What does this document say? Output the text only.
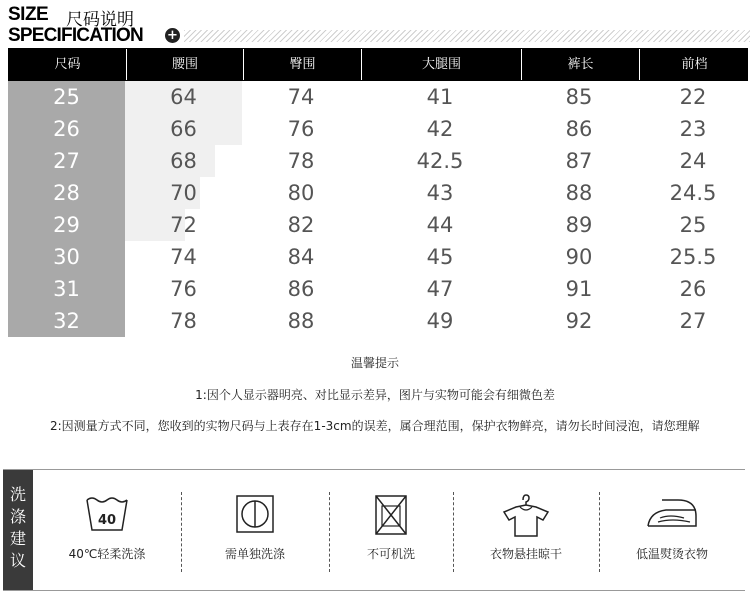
SIZE 尺码说明
SPECIFICATION +
尺码	腰围	臀围	大腿围	裤长	前档
25	64	74	41	85	22
26	66	76	42	86	23
27	68	78	42.5	87	24
28	70	80	43	88	24.5
29	72	82	44	89	25
30	74	84	45	90	25.5
31	76	86	47	91	26
32	78	88	49	92	27
温馨提示
1:因个人显示器明亮、对比显示差异，图片与实物可能会有细微色差
2:因测量方式不同，您收到的实物尺码与上表存在1-3cm的误差，属合理范围，保护衣物鲜亮，请勿长时间浸泡，请您理解
洗
涤
建
议
40
40℃轻柔洗涤	需单独洗涤	不可机洗	衣物悬挂晾干	低温熨烫衣物
